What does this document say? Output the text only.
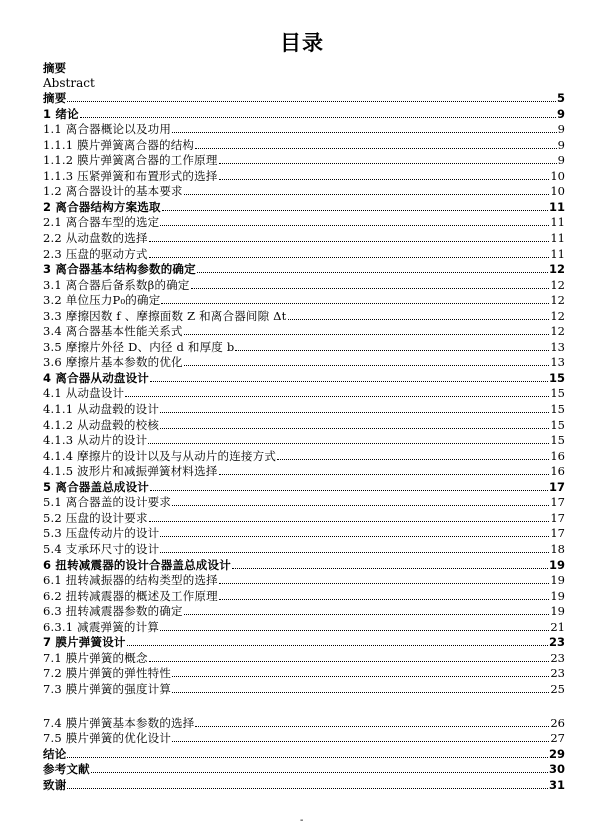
目录
摘要
Abstract
摘要	5
1 绪论	9
1.1 离合器概论以及功用	9
1.1.1 膜片弹簧离合器的结构	9
1.1.2 膜片弹簧离合器的工作原理	9
1.1.3 压紧弹簧和布置形式的选择	10
1.2 离合器设计的基本要求	10
2 离合器结构方案选取	11
2.1 离合器车型的选定	11
2.2 从动盘数的选择	11
2.3 压盘的驱动方式	11
3 离合器基本结构参数的确定	12
3.1 离合器后备系数β的确定	12
3.2 单位压力P₀的确定	12
3.3 摩擦因数 f 、摩擦面数 Z 和离合器间隙 Δt	12
3.4 离合器基本性能关系式	12
3.5 摩擦片外径 D、内径 d 和厚度 b	13
3.6 摩擦片基本参数的优化	13
4 离合器从动盘设计	15
4.1 从动盘设计	15
4.1.1 从动盘毂的设计	15
4.1.2 从动盘毂的校核	15
4.1.3 从动片的设计	15
4.1.4 摩擦片的设计以及与从动片的连接方式	16
4.1.5 波形片和减振弹簧材料选择	16
5 离合器盖总成设计	17
5.1 离合器盖的设计要求	17
5.2 压盘的设计要求	17
5.3 压盘传动片的设计	17
5.4 支承环尺寸的设计	18
6 扭转减震器的设计合器盖总成设计	19
6.1 扭转减振器的结构类型的选择	19
6.2 扭转减震器的概述及工作原理	19
6.3 扭转减震器参数的确定	19
6.3.1 减震弹簧的计算	21
7 膜片弹簧设计	23
7.1 膜片弹簧的概念	23
7.2 膜片弹簧的弹性特性	23
7.3 膜片弹簧的强度计算	25
7.4 膜片弹簧基本参数的选择	26
7.5 膜片弹簧的优化设计	27
结论	29
参考文献	30
致谢	31
-
